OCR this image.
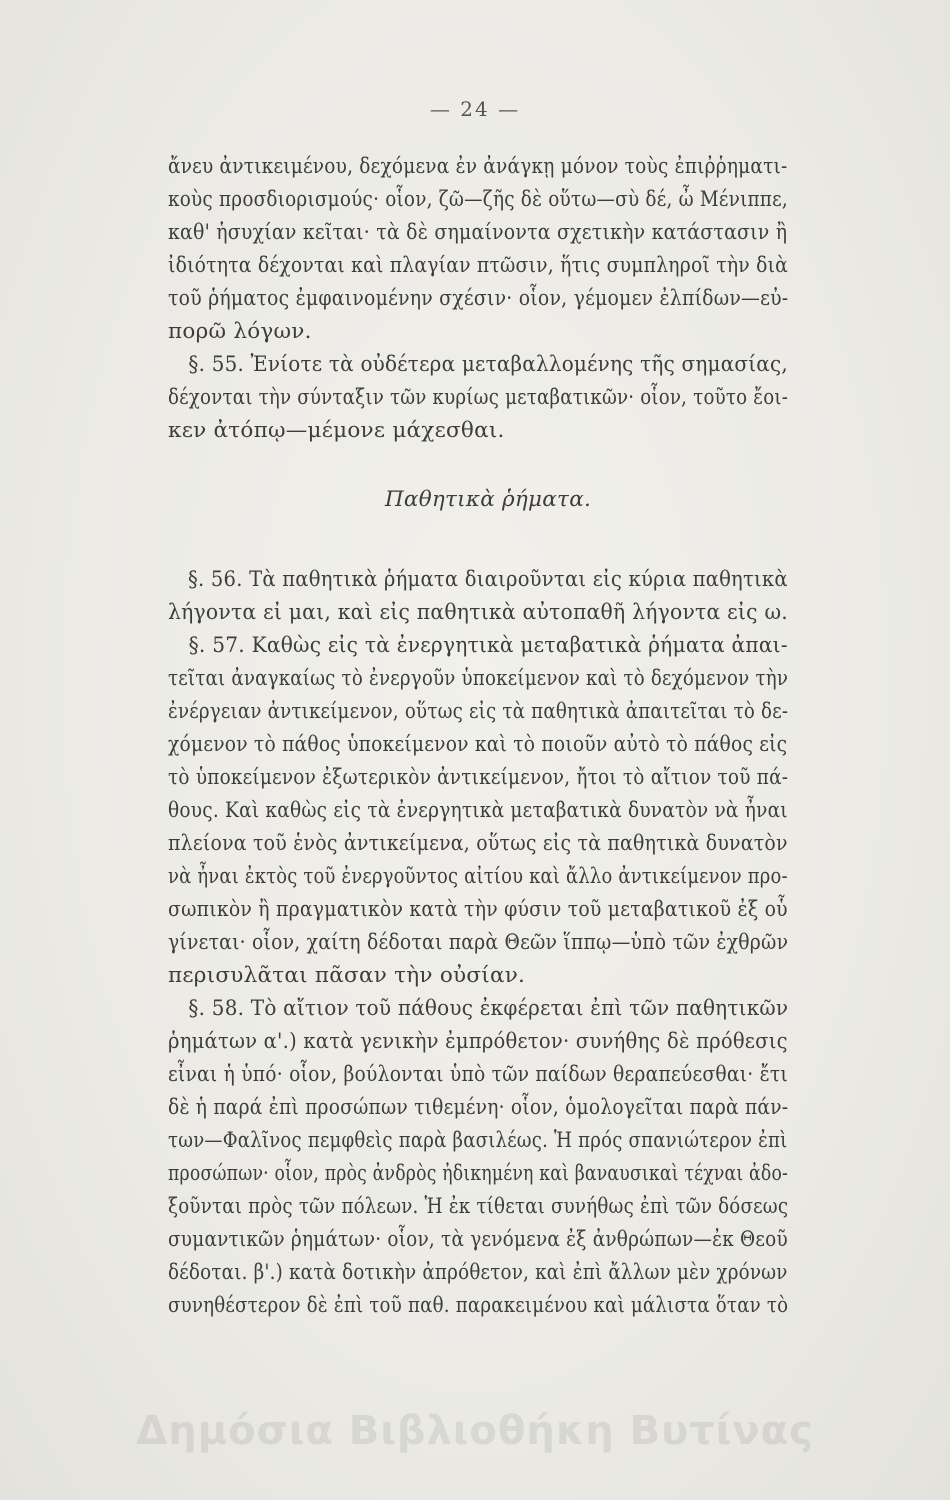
— 24 —
ἄνευ ἀντικειμένου, δεχόμενα ἐν ἀνάγκῃ μόνον τοὺς ἐπιῤῥηματι-
κοὺς προσδιορισμούς· οἷον, ζῶ—ζῆς δὲ οὕτω—σὺ δέ, ὦ Μένιππε,
καθ' ἡσυχίαν κεῖται· τὰ δὲ σημαίνοντα σχετικὴν κατάστασιν ἢ
ἰδιότητα δέχονται καὶ πλαγίαν πτῶσιν, ἥτις συμπληροῖ τὴν διὰ
τοῦ ῥήματος ἐμφαινομένην σχέσιν· οἷον, γέμομεν ἐλπίδων—εὐ-
πορῶ λόγων.
§. 55. Ἐνίοτε τὰ οὐδέτερα μεταβαλλομένης τῆς σημασίας,
δέχονται τὴν σύνταξιν τῶν κυρίως μεταβατικῶν· οἷον, τοῦτο ἔοι-
κεν ἀτόπῳ—μέμονε μάχεσθαι.
Παθητικὰ ῥήματα.
§. 56. Τὰ παθητικὰ ῥήματα διαιροῦνται εἰς κύρια παθητικὰ
λήγοντα εἰ μαι, καὶ εἰς παθητικὰ αὐτοπαθῆ λήγοντα εἰς ω.
§. 57. Καθὼς εἰς τὰ ἐνεργητικὰ μεταβατικὰ ῥήματα ἀπαι-
τεῖται ἀναγκαίως τὸ ἐνεργοῦν ὑποκείμενον καὶ τὸ δεχόμενον τὴν
ἐνέργειαν ἀντικείμενον, οὕτως εἰς τὰ παθητικὰ ἀπαιτεῖται τὸ δε-
χόμενον τὸ πάθος ὑποκείμενον καὶ τὸ ποιοῦν αὐτὸ τὸ πάθος εἰς
τὸ ὑποκείμενον ἐξωτερικὸν ἀντικείμενον, ἤτοι τὸ αἴτιον τοῦ πά-
θους. Καὶ καθὼς εἰς τὰ ἐνεργητικὰ μεταβατικὰ δυνατὸν νὰ ἦναι
πλείονα τοῦ ἑνὸς ἀντικείμενα, οὕτως εἰς τὰ παθητικὰ δυνατὸν
νὰ ἦναι ἐκτὸς τοῦ ἐνεργοῦντος αἰτίου καὶ ἄλλο ἀντικείμενον προ-
σωπικὸν ἢ πραγματικὸν κατὰ τὴν φύσιν τοῦ μεταβατικοῦ ἐξ οὗ
γίνεται· οἷον, χαίτη δέδοται παρὰ Θεῶν ἵππῳ—ὑπὸ τῶν ἐχθρῶν
περισυλᾶται πᾶσαν τὴν οὐσίαν.
§. 58. Τὸ αἴτιον τοῦ πάθους ἐκφέρεται ἐπὶ τῶν παθητικῶν
ῥημάτων α'.) κατὰ γενικὴν ἐμπρόθετον· συνήθης δὲ πρόθεσις
εἶναι ἡ ὑπό· οἷον, βούλονται ὑπὸ τῶν παίδων θεραπεύεσθαι· ἔτι
δὲ ἡ παρά ἐπὶ προσώπων τιθεμένη· οἷον, ὁμολογεῖται παρὰ πάν-
των—Φαλῖνος πεμφθεὶς παρὰ βασιλέως. Ἡ πρός σπανιώτερον ἐπὶ
προσώπων· οἷον, πρὸς ἀνδρὸς ἠδικημένη καὶ βαναυσικαὶ τέχναι ἀδο-
ξοῦνται πρὸς τῶν πόλεων. Ἡ ἐκ τίθεται συνήθως ἐπὶ τῶν δόσεως
συμαντικῶν ῥημάτων· οἷον, τὰ γενόμενα ἐξ ἀνθρώπων—ἐκ Θεοῦ
δέδοται. β'.) κατὰ δοτικὴν ἀπρόθετον, καὶ ἐπὶ ἄλλων μὲν χρόνων
συνηθέστερον δὲ ἐπὶ τοῦ παθ. παρακειμένου καὶ μάλιστα ὅταν τὸ
Δημόσια Βιβλιοθήκη Βυτίνας
